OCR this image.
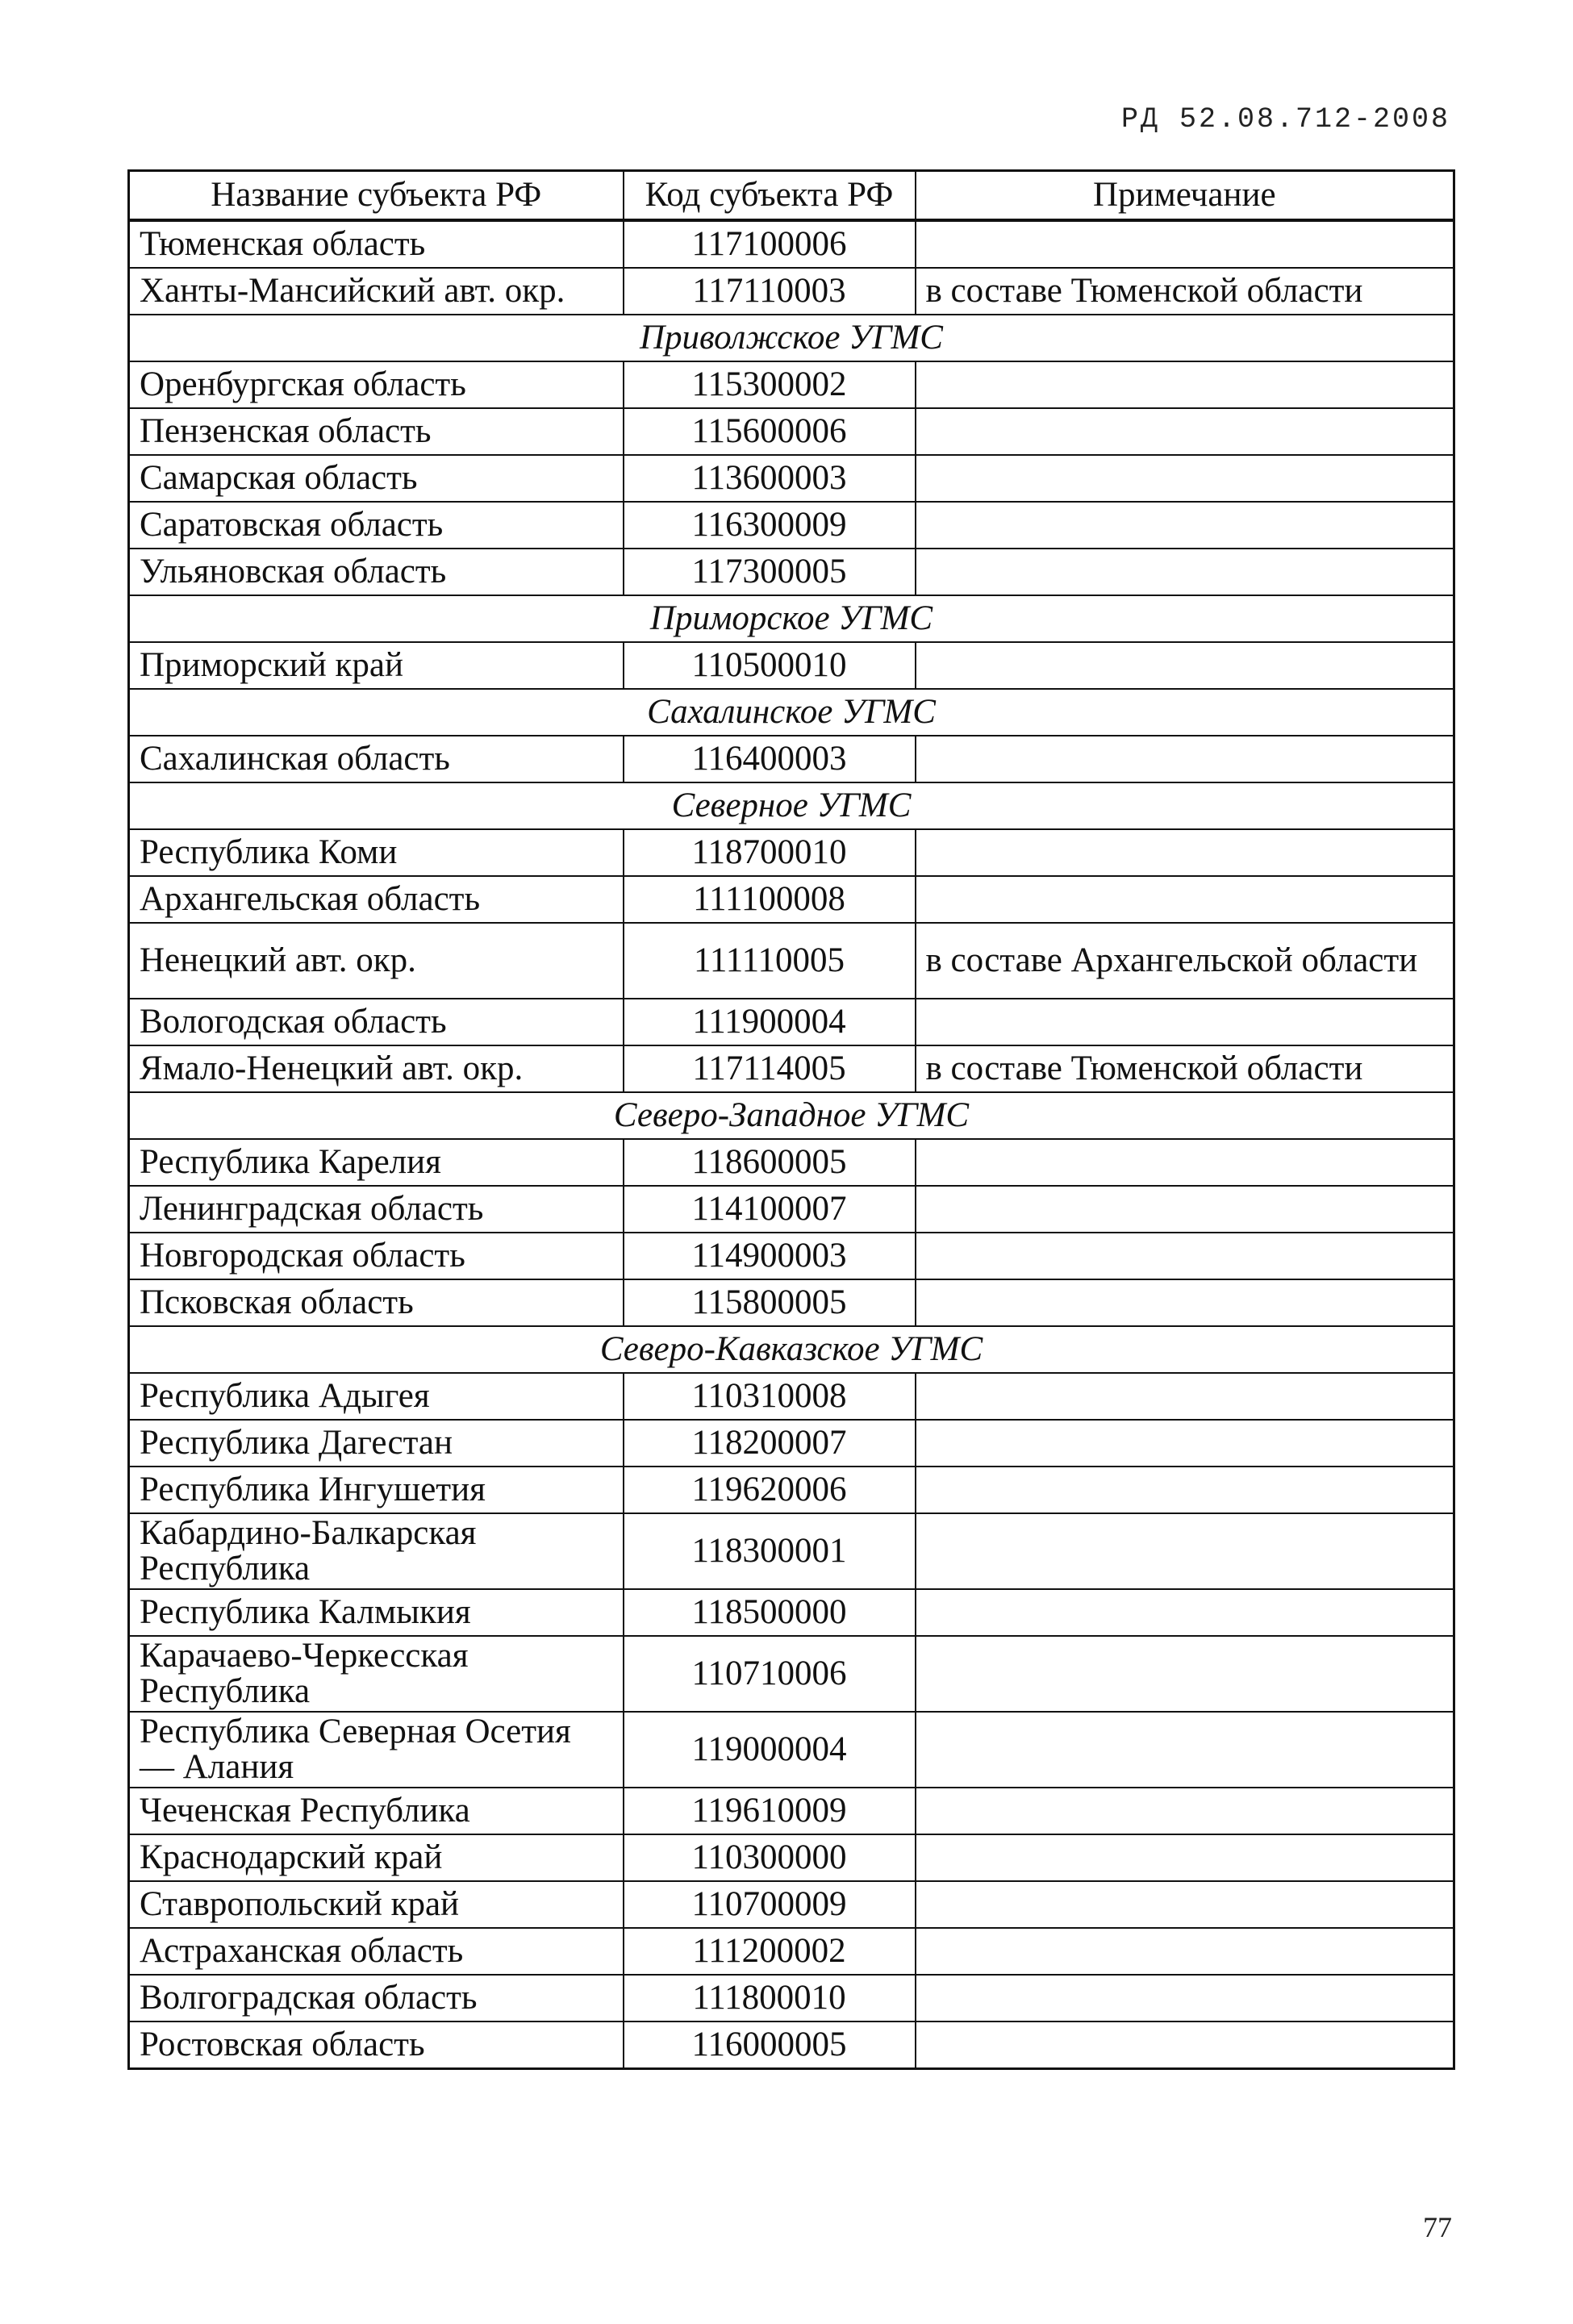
РД 52.08.712-2008
Название субъекта РФ	Код субъекта РФ	Примечание
Тюменская область	117100006	
Ханты-Мансийский авт. окр.	117110003	в составе Тюменской области
Приволжское УГМС		
Оренбургская область	115300002	
Пензенская область	115600006	
Самарская область	113600003	
Саратовская область	116300009	
Ульяновская область	117300005	
Приморское УГМС		
Приморский край	110500010	
Сахалинское УГМС		
Сахалинская область	116400003	
Северное УГМС		
Республика Коми	118700010	
Архангельская область	111100008	
Ненецкий авт. окр.	111110005	в составе Архангельской области
Вологодская область	111900004	
Ямало-Ненецкий авт. окр.	117114005	в составе Тюменской области
Северо-Западное УГМС		
Республика Карелия	118600005	
Ленинградская область	114100007	
Новгородская область	114900003	
Псковская область	115800005	
Северо-Кавказское УГМС		
Республика Адыгея	110310008	
Республика Дагестан	118200007	
Республика Ингушетия	119620006	
Кабардино-Балкарская Республика	118300001	
Республика Калмыкия	118500000	
Карачаево-Черкесская Республика	110710006	
Республика Северная Осетия — Алания	119000004	
Чеченская Республика	119610009	
Краснодарский край	110300000	
Ставропольский край	110700009	
Астраханская область	111200002	
Волгоградская область	111800010	
Ростовская область	116000005	
77
